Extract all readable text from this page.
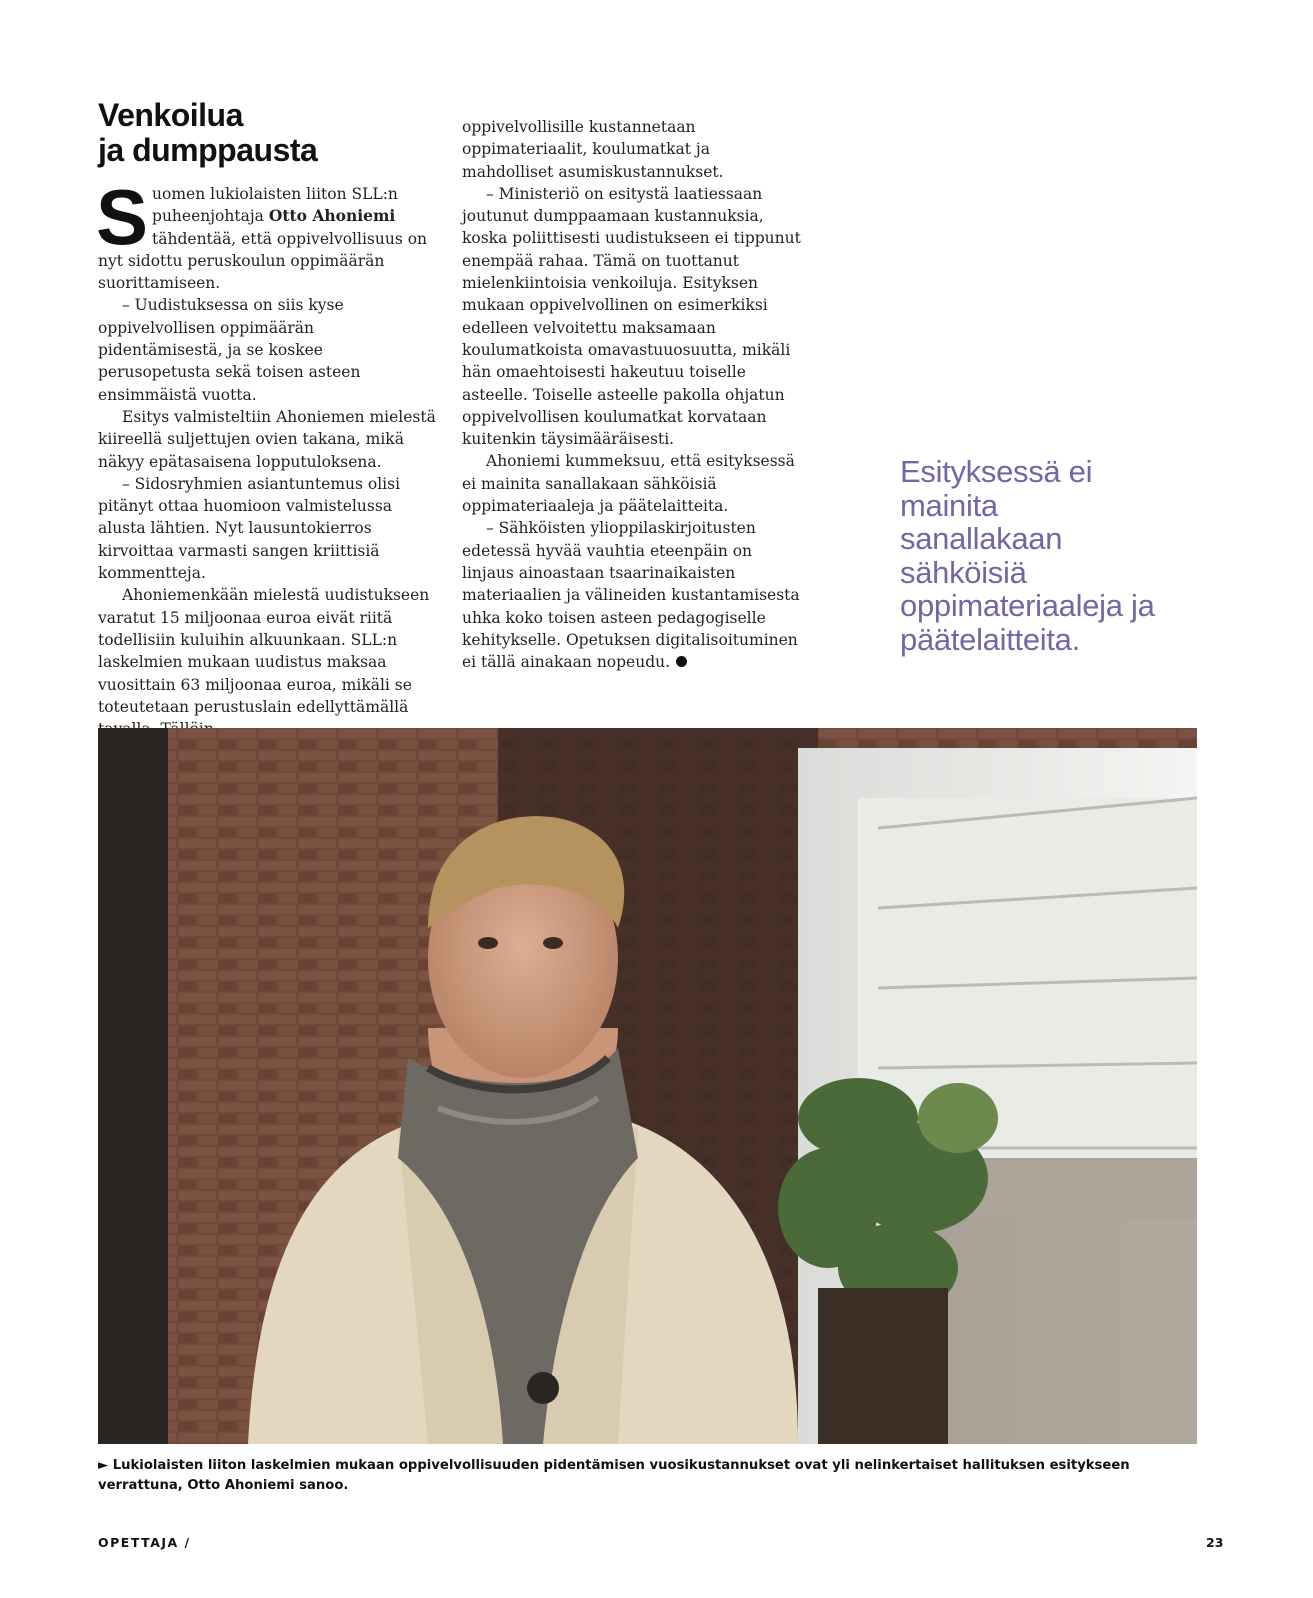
Venkoilua
ja dumppausta

Suomen lukiolaisten liiton SLL:n puheenjohtaja Otto Ahoniemi tähdentää, että oppivelvollisuus on nyt sidottu peruskoulun oppimäärän suorittamiseen.

– Uudistuksessa on siis kyse oppivelvollisen oppimäärän pidentämisestä, ja se koskee perusopetusta sekä toisen asteen ensimmäistä vuotta.

Esitys valmisteltiin Ahoniemen mielestä kiireellä suljettujen ovien takana, mikä näkyy epätasaisena lopputuloksena.

– Sidosryhmien asiantuntemus olisi pitänyt ottaa huomioon valmistelussa alusta lähtien. Nyt lausuntokierros kirvoittaa varmasti sangen kriittisiä kommentteja.

Ahoniemenkään mielestä uudistukseen varatut 15 miljoonaa euroa eivät riitä todellisiin kuluihin alkuunkaan. SLL:n laskelmien mukaan uudistus maksaa vuosittain 63 miljoonaa euroa, mikäli se toteutetaan perustuslain edellyttämällä

oppivelvollisille kustannetaan oppimateriaalit, koulumatkat ja mahdolliset asumiskustannukset.

– Ministeriö on esitystä laatiessaan joutunut dumppaamaan kustannuksia, koska poliittisesti uudistukseen ei tippunut enempää rahaa. Tämä on tuottanut mielenkiintoisia venkoiluja. Esityksen mukaan oppivelvollinen on esimerkiksi edelleen velvoitettu maksamaan koulumatkoista omavastuuosuutta, mikäli hän omaehtoisesti hakeutuu toiselle asteelle. Toiselle asteelle pakolla ohjatun oppivelvollisen koulumatkat korvataan kuitenkin täysimääräisesti.

Ahoniemi kummeksuu, että esityksessä ei mainita sanallakaan sähköisiä oppimateriaaleja ja päätelaitteita.

– Sähköisten ylioppilaskirjoitusten edetessä hyvää vauhtia eteenpäin on linjaus ainoastaan tsaarinaikaisten materiaalien ja välineiden kustantamisesta uhka koko toisen asteen pedagogiselle kehitykselle. Opetuksen digitalisoituminen ei tällä ainakaan nopeudu.

Esityksessä ei mainita sanallakaan sähköisiä oppimateriaaleja ja päätelaitteita.
► Lukiolaisten liiton laskelmien mukaan oppivelvollisuuden pidentämisen vuosikustannukset ovat yli nelinkertaiset hallituksen esitykseen verrattuna, Otto Ahoniemi sanoo.
OPETTAJA /	23
